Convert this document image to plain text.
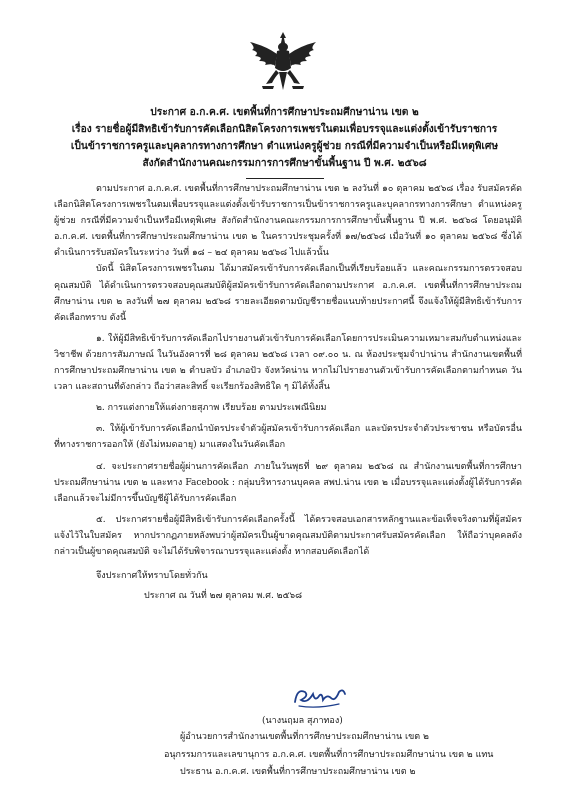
ประกาศ อ.ก.ค.ศ. เขตพื้นที่การศึกษาประถมศึกษาน่าน เขต ๒
เรื่อง รายชื่อผู้มีสิทธิเข้ารับการคัดเลือกนิสิตโครงการเพชรในตมเพื่อบรรจุและแต่งตั้งเข้ารับราชการ
เป็นข้าราชการครูและบุคลากรทางการศึกษา ตำแหน่งครูผู้ช่วย กรณีที่มีความจำเป็นหรือมีเหตุพิเศษ
สังกัดสำนักงานคณะกรรมการการศึกษาขั้นพื้นฐาน ปี พ.ศ. ๒๕๖๘

ตามประกาศ อ.ก.ค.ศ. เขตพื้นที่การศึกษาประถมศึกษาน่าน เขต ๒ ลงวันที่ ๑๐ ตุลาคม ๒๕๖๘ เรื่อง รับสมัครคัดเลือกนิสิตโครงการเพชรในตมเพื่อบรรจุและแต่งตั้งเข้ารับราชการเป็นข้าราชการครูและบุคลากรทางการศึกษา ตำแหน่งครูผู้ช่วย กรณีที่มีความจำเป็นหรือมีเหตุพิเศษ สังกัดสำนักงานคณะกรรมการการศึกษาขั้นพื้นฐาน ปี พ.ศ. ๒๕๖๘ โดยอนุมัติ อ.ก.ค.ศ. เขตพื้นที่การศึกษาประถมศึกษาน่าน เขต ๒ ในคราวประชุมครั้งที่ ๑๗/๒๕๖๘ เมื่อวันที่ ๑๐ ตุลาคม ๒๕๖๘ ซึ่งได้ดำเนินการรับสมัครในระหว่าง วันที่ ๑๘ – ๒๔ ตุลาคม ๒๕๖๘ ไปแล้วนั้น

บัดนี้ นิสิตโครงการเพชรในตม ได้มาสมัครเข้ารับการคัดเลือกเป็นที่เรียบร้อยแล้ว และคณะกรรมการตรวจสอบคุณสมบัติ ได้ดำเนินการตรวจสอบคุณสมบัติผู้สมัครเข้ารับการคัดเลือกตามประกาศ อ.ก.ค.ศ. เขตพื้นที่การศึกษาประถมศึกษาน่าน เขต ๒ ลงวันที่ ๒๗ ตุลาคม ๒๕๖๘ รายละเอียดตามบัญชีรายชื่อแนบท้ายประกาศนี้ จึงแจ้งให้ผู้มีสิทธิเข้ารับการคัดเลือกทราบ ดังนี้

๑. ให้ผู้มีสิทธิเข้ารับการคัดเลือกไปรายงานตัวเข้ารับการคัดเลือกโดยการประเมินความเหมาะสมกับตำแหน่งและวิชาชีพ ด้วยการสัมภาษณ์ ในวันอังคารที่ ๒๘ ตุลาคม ๒๕๖๘ เวลา ๐๙.๐๐ น. ณ ห้องประชุมจำปาน่าน สำนักงานเขตพื้นที่การศึกษาประถมศึกษาน่าน เขต ๒ ตำบลบัว อำเภอปัว จังหวัดน่าน หากไม่ไปรายงานตัวเข้ารับการคัดเลือกตามกำหนด วัน เวลา และสถานที่ดังกล่าว ถือว่าสละสิทธิ์ จะเรียกร้องสิทธิใด ๆ มิได้ทั้งสิ้น

๒. การแต่งกายให้แต่งกายสุภาพ เรียบร้อย ตามประเพณีนิยม

๓. ให้ผู้เข้ารับการคัดเลือกนำบัตรประจำตัวผู้สมัครเข้ารับการคัดเลือก และบัตรประจำตัวประชาชน หรือบัตรอื่นที่ทางราชการออกให้ (ยังไม่หมดอายุ) มาแสดงในวันคัดเลือก

๔. จะประกาศรายชื่อผู้ผ่านการคัดเลือก ภายในวันพุธที่ ๒๙ ตุลาคม ๒๕๖๘ ณ สำนักงานเขตพื้นที่การศึกษาประถมศึกษาน่าน เขต ๒ และทาง Facebook : กลุ่มบริหารงานบุคคล สพป.น่าน เขต ๒ เมื่อบรรจุและแต่งตั้งผู้ได้รับการคัดเลือกแล้วจะไม่มีการขึ้นบัญชีผู้ได้รับการคัดเลือก

๕. ประกาศรายชื่อผู้มีสิทธิเข้ารับการคัดเลือกครั้งนี้ ได้ตรวจสอบเอกสารหลักฐานและข้อเท็จจริงตามที่ผู้สมัครแจ้งไว้ในใบสมัคร หากปรากฏภายหลังพบว่าผู้สมัครเป็นผู้ขาดคุณสมบัติตามประกาศรับสมัครคัดเลือก ให้ถือว่าบุคคลดังกล่าวเป็นผู้ขาดคุณสมบัติ จะไม่ได้รับพิจารณาบรรจุและแต่งตั้ง หากสอบคัดเลือกได้

จึงประกาศให้ทราบโดยทั่วกัน

ประกาศ ณ วันที่ ๒๗ ตุลาคม พ.ศ. ๒๕๖๘

(นางนฤมล สุภาทอง)
ผู้อำนวยการสำนักงานเขตพื้นที่การศึกษาประถมศึกษาน่าน เขต ๒
อนุกรรมการและเลขานุการ อ.ก.ค.ศ. เขตพื้นที่การศึกษาประถมศึกษาน่าน เขต ๒ แทน
ประธาน อ.ก.ค.ศ. เขตพื้นที่การศึกษาประถมศึกษาน่าน เขต ๒
